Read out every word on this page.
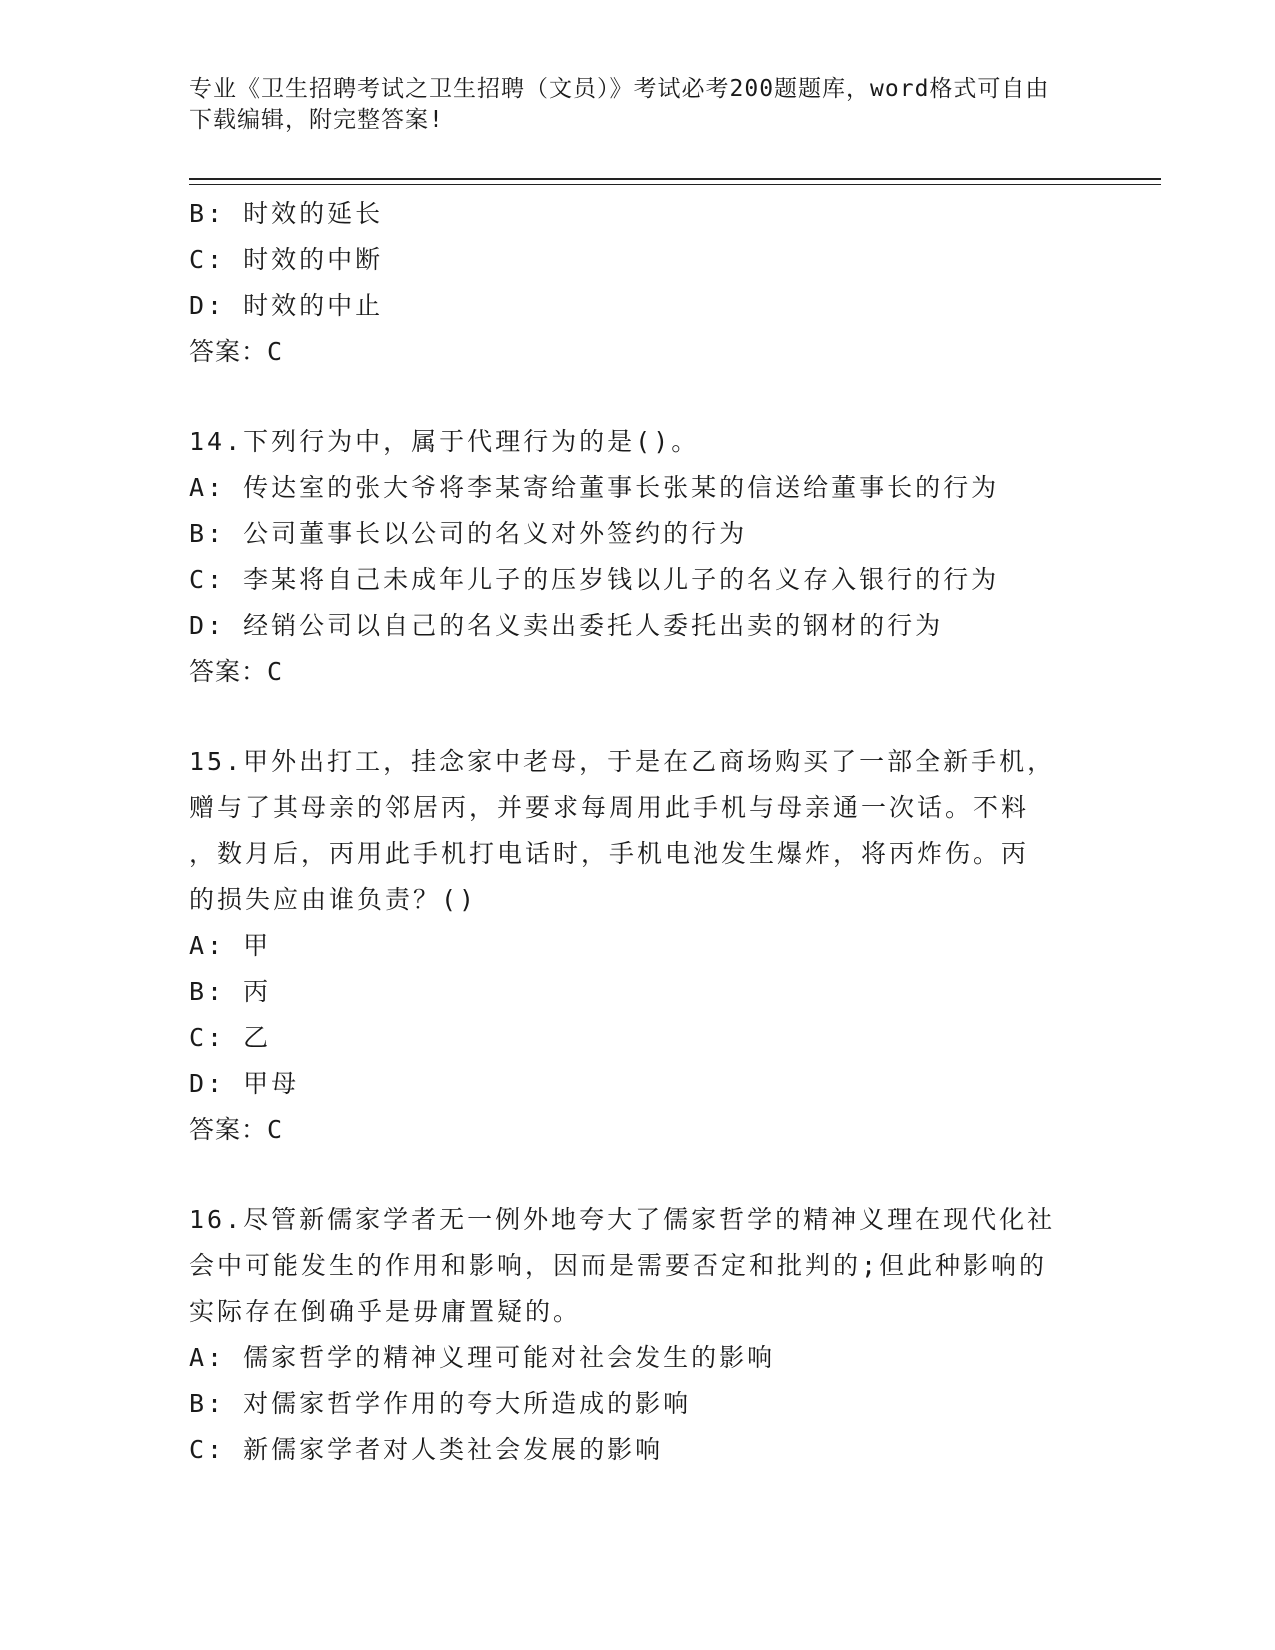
专业《卫生招聘考试之卫生招聘（文员）》考试必考200题题库，word格式可自由下载编辑，附完整答案!
B: 时效的延长
C: 时效的中断
D: 时效的中止
答案：C
14.下列行为中，属于代理行为的是()。
A: 传达室的张大爷将李某寄给董事长张某的信送给董事长的行为
B: 公司董事长以公司的名义对外签约的行为
C: 李某将自己未成年儿子的压岁钱以儿子的名义存入银行的行为
D: 经销公司以自己的名义卖出委托人委托出卖的钢材的行为
答案：C
15.甲外出打工，挂念家中老母，于是在乙商场购买了一部全新手机，
赠与了其母亲的邻居丙，并要求每周用此手机与母亲通一次话。不料
，数月后，丙用此手机打电话时，手机电池发生爆炸，将丙炸伤。丙
的损失应由谁负责？()
A: 甲
B: 丙
C: 乙
D: 甲母
答案：C
16.尽管新儒家学者无一例外地夸大了儒家哲学的精神义理在现代化社
会中可能发生的作用和影响，因而是需要否定和批判的;但此种影响的
实际存在倒确乎是毋庸置疑的。
A: 儒家哲学的精神义理可能对社会发生的影响
B: 对儒家哲学作用的夸大所造成的影响
C: 新儒家学者对人类社会发展的影响
